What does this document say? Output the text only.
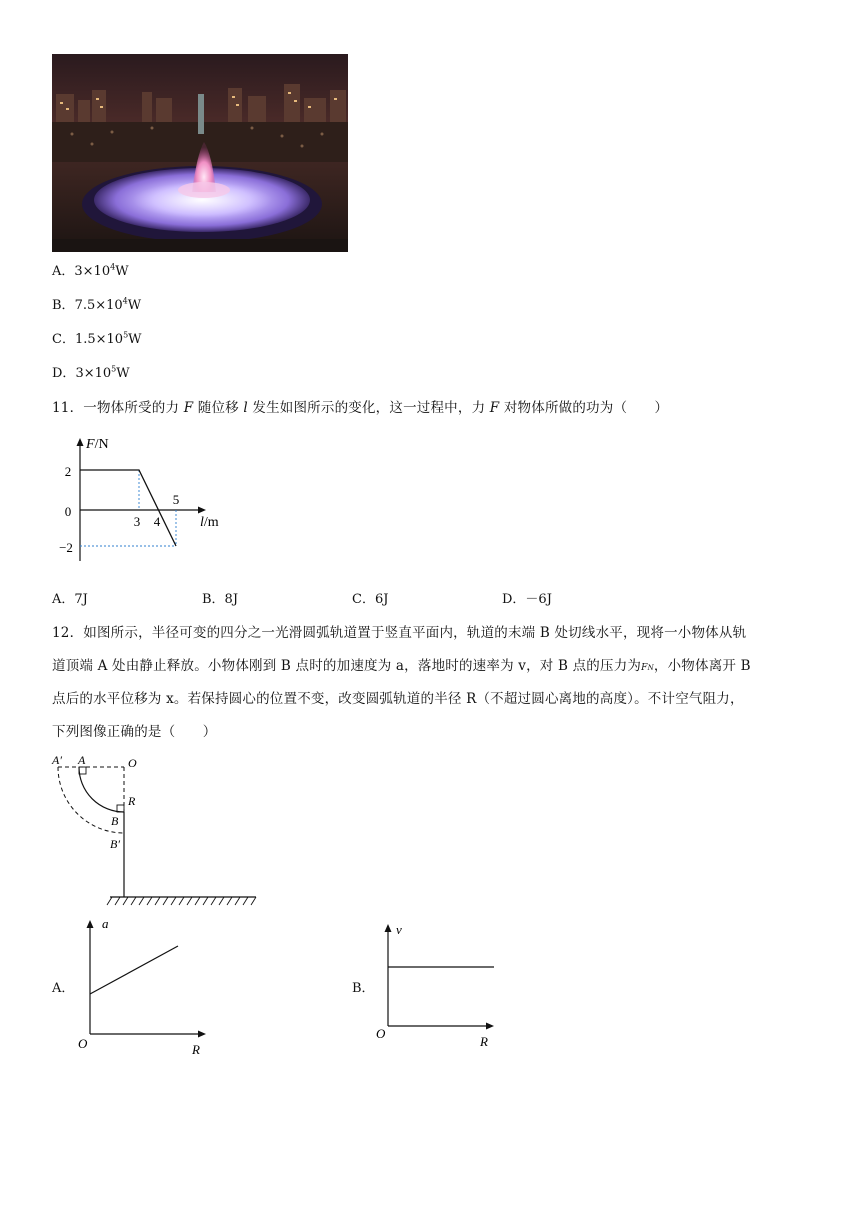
A．$3\times 10^4W$
B．$7.5\times 10^4W$
C．$1.5\times 10^5W$
D．$3\times 10^5W$
11．一物体所受的力 F 随位移 l 发生如图所示的变化，这一过程中，力 F 对物体所做的功为（　　）
F/N
2
0
−2
3 4
5
l/m
A．7J	B．8J	C．6J	D．－6J
12．如图所示，半径可变的四分之一光滑圆弧轨道置于竖直平面内，轨道的末端 B 处切线水平，现将一小物体从轨
道顶端 A 处由静止释放。小物体刚到 B 点时的加速度为 a，落地时的速率为 v，对 B 点的压力为FN，小物体离开 B
点后的水平位移为 x。若保持圆心的位置不变，改变圆弧轨道的半径 R（不超过圆心离地的高度）。不计空气阻力，
下列图像正确的是（　　）
A′ A	O
R
B
B′
A．
a
O	R
B．
v
O
R
